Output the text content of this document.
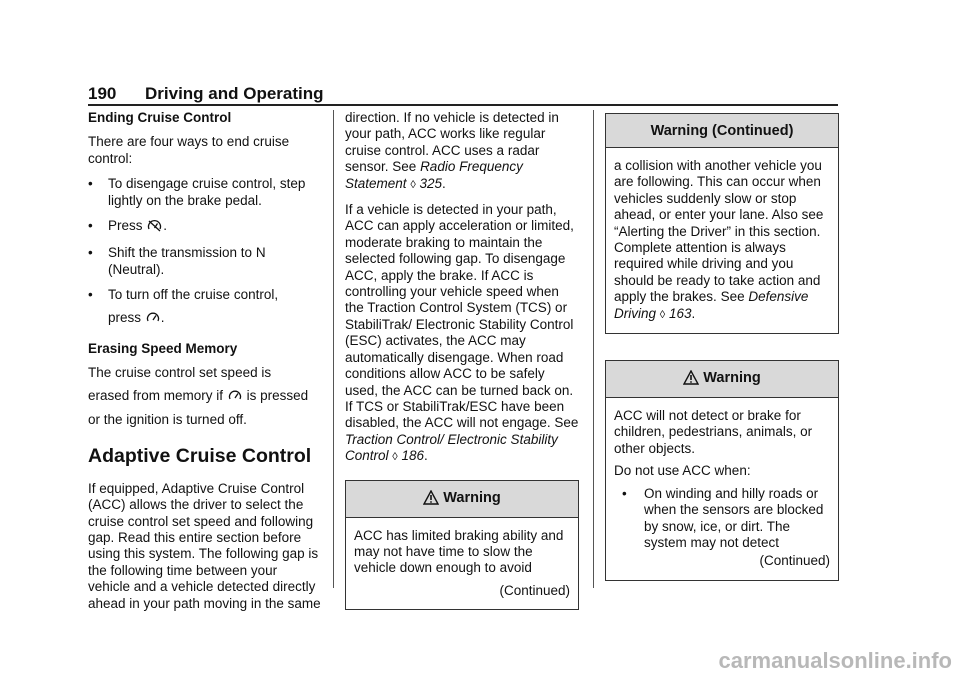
190 Driving and Operating

Ending Cruise Control

There are four ways to end cruise control:

•	To disengage cruise control, step lightly on the brake pedal.
•	Press .
•	Shift the transmission to N (Neutral).
•	To turn off the cruise control,
press .

Erasing Speed Memory

The cruise control set speed is

erased from memory if is pressed

or the ignition is turned off.

Adaptive Cruise Control

If equipped, Adaptive Cruise Control (ACC) allows the driver to select the cruise control set speed and following gap. Read this entire section before using this system. The following gap is the following time between your vehicle and a vehicle detected directly ahead in your path moving in the same

direction. If no vehicle is detected in your path, ACC works like regular cruise control. ACC uses a radar sensor. See Radio Frequency Statement ◊ 325.

If a vehicle is detected in your path, ACC can apply acceleration or limited, moderate braking to maintain the selected following gap. To disengage ACC, apply the brake. If ACC is controlling your vehicle speed when the Traction Control System (TCS) or StabiliTrak/ Electronic Stability Control (ESC) activates, the ACC may automatically disengage. When road conditions allow ACC to be safely used, the ACC can be turned back on. If TCS or StabiliTrak/ESC have been disabled, the ACC will not engage. See Traction Control/ Electronic Stability Control ◊ 186.

Warning

ACC has limited braking ability and may not have time to slow the vehicle down enough to avoid

(Continued)

Warning (Continued)

a collision with another vehicle you are following. This can occur when vehicles suddenly slow or stop ahead, or enter your lane. Also see “Alerting the Driver” in this section. Complete attention is always required while driving and you should be ready to take action and apply the brakes. See Defensive Driving ◊ 163.

Warning

ACC will not detect or brake for children, pedestrians, animals, or other objects.

Do not use ACC when:

•	On winding and hilly roads or when the sensors are blocked by snow, ice, or dirt. The system may not detect

(Continued)

carmanualsonline.info
